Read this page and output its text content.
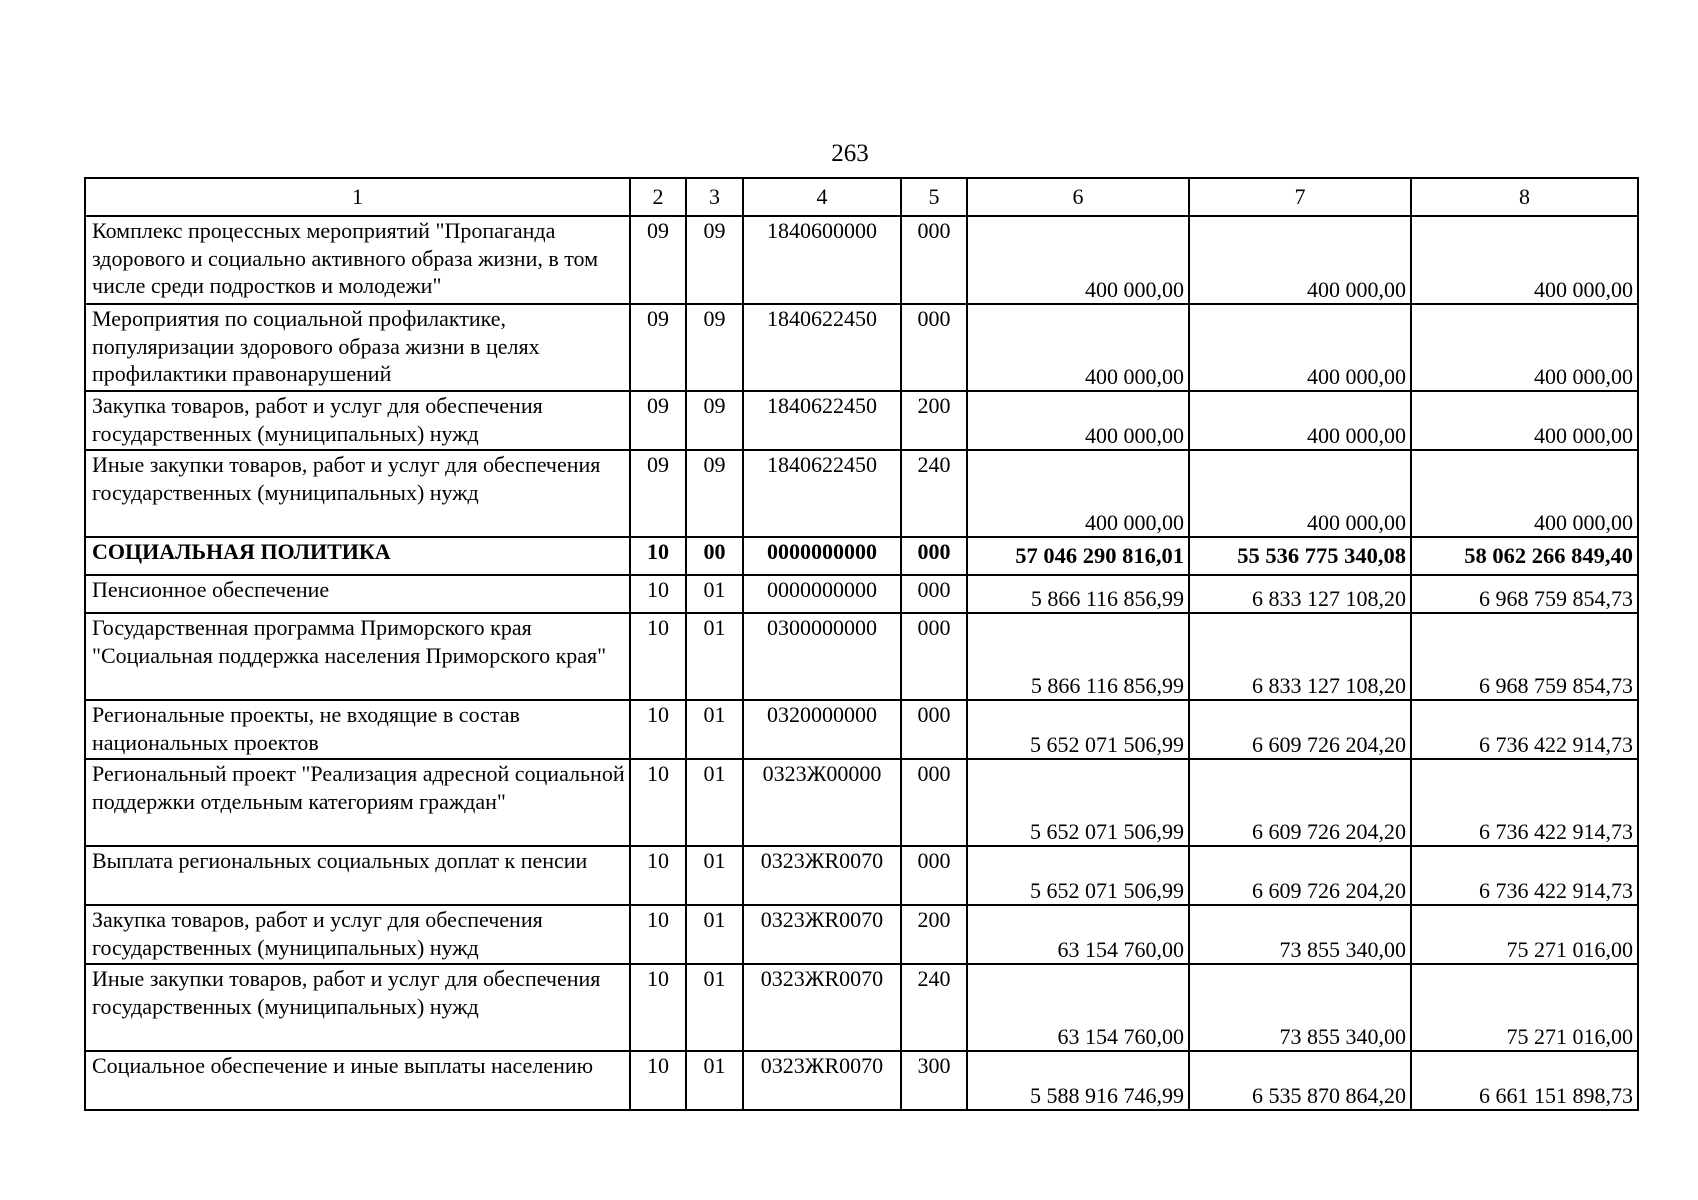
263
1	2	3	4	5	6	7	8
Комплекс процессных мероприятий "Пропаганда здорового и социально активного образа жизни, в том числе среди подростков и молодежи"	09	09	1840600000	000	400 000,00	400 000,00	400 000,00
Мероприятия по социальной профилактике, популяризации здорового образа жизни в целях профилактики правонарушений	09	09	1840622450	000	400 000,00	400 000,00	400 000,00
Закупка товаров, работ и услуг для обеспечения государственных (муниципальных) нужд	09	09	1840622450	200	400 000,00	400 000,00	400 000,00
Иные закупки товаров, работ и услуг для обеспечения государственных (муниципальных) нужд	09	09	1840622450	240	400 000,00	400 000,00	400 000,00
СОЦИАЛЬНАЯ ПОЛИТИКА	10	00	0000000000	000	57 046 290 816,01	55 536 775 340,08	58 062 266 849,40
Пенсионное обеспечение	10	01	0000000000	000	5 866 116 856,99	6 833 127 108,20	6 968 759 854,73
Государственная программа Приморского края "Социальная поддержка населения Приморского края"	10	01	0300000000	000	5 866 116 856,99	6 833 127 108,20	6 968 759 854,73
Региональные проекты, не входящие в состав национальных проектов	10	01	0320000000	000	5 652 071 506,99	6 609 726 204,20	6 736 422 914,73
Региональный проект "Реализация адресной социальной поддержки отдельным категориям граждан"	10	01	0323Ж00000	000	5 652 071 506,99	6 609 726 204,20	6 736 422 914,73
Выплата региональных социальных доплат к пенсии	10	01	0323ЖR0070	000	5 652 071 506,99	6 609 726 204,20	6 736 422 914,73
Закупка товаров, работ и услуг для обеспечения государственных (муниципальных) нужд	10	01	0323ЖR0070	200	63 154 760,00	73 855 340,00	75 271 016,00
Иные закупки товаров, работ и услуг для обеспечения государственных (муниципальных) нужд	10	01	0323ЖR0070	240	63 154 760,00	73 855 340,00	75 271 016,00
Социальное обеспечение и иные выплаты населению	10	01	0323ЖR0070	300	5 588 916 746,99	6 535 870 864,20	6 661 151 898,73
